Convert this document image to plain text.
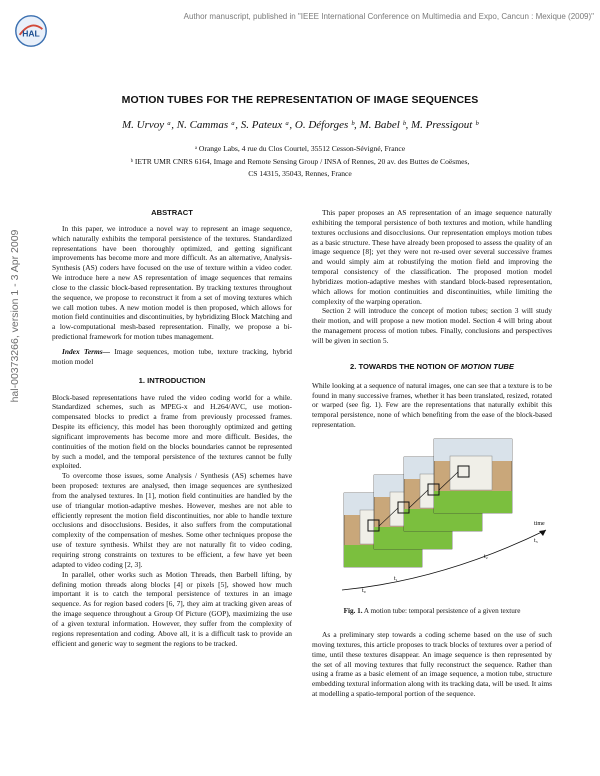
Author manuscript, published in "IEEE International Conference on Multimedia and Expo, Cancun : Mexique (2009)"
HAL
hal-00373266, version 1 - 3 Apr 2009
MOTION TUBES FOR THE REPRESENTATION OF IMAGE SEQUENCES
M. Urvoy ᵃ, N. Cammas ᵃ, S. Pateux ᵃ, O. Déforges ᵇ, M. Babel ᵇ, M. Pressigout ᵇ
ᵃ Orange Labs, 4 rue du Clos Courtel, 35512 Cesson-Sévigné, France
ᵇ IETR UMR CNRS 6164, Image and Remote Sensing Group / INSA of Rennes, 20 av. des Buttes de Coësmes,
CS 14315, 35043, Rennes, France
ABSTRACT

In this paper, we introduce a novel way to represent an image sequence, which naturally exhibits the temporal persistence of the textures. Standardized representations have been thoroughly optimized, and getting significant improvements has become more and more difficult. As an alternative, Analysis-Synthesis (AS) coders have focused on the use of texture within a video coder. We introduce here a new AS representation of image sequences that remains close to the classic block-based representation. By tracking textures throughout the sequence, we propose to reconstruct it from a set of moving textures which we call motion tubes. A new motion model is then proposed, which allows for motion field continuities and discontinuities, by hybridizing Block Matching and a low-computational mesh-based representation. Finally, we propose a bi-predictional framework for motion tubes management.

Index Terms— Image sequences, motion tube, texture tracking, hybrid motion model

1. INTRODUCTION

Block-based representations have ruled the video coding world for a while. Standardized schemes, such as MPEG-x and H.264/AVC, use motion-compensated blocks to predict a frame from previously processed frames. Despite its efficiency, this model has been thoroughly optimized and getting significant improvements has become more and more difficult. Besides, the continuities of the motion field on the blocks boundaries cannot be represented by such a model, and the temporal persistence of the textures cannot be fully exploited.

To overcome those issues, some Analysis / Synthesis (AS) schemes have been proposed: textures are analysed, then image sequences are synthesized from the analysed textures. In [1], motion field continuities are handled by the use of triangular motion-adaptive meshes. However, meshes are not able to efficiently represent the motion field discontinuities, nor able to handle texture occlusions and disocclusions. Besides, it also suffers from the computational complexity of the compensation of meshes. Some other techniques propose the use of texture synthesis. Whilst they are not naturally fit to video coding, requiring strong constraints on textures to be efficient, a few have yet been adapted to video coding [2, 3].

In parallel, other works such as Motion Threads, then Barbell lifting, by defining motion threads along blocks [4] or pixels [5], showed how much important it is to catch the temporal persistence of textures in an image sequence. As for region based coders [6, 7], they aim at tracking given areas of the image sequence throughout a Group Of Picture (GOP), maximizing the use of a given textural information. However, they suffer from the complexity of regions representation and coding. Above all, it is a difficult task to provide an efficient and generic way to segment the regions to be tracked.

This paper proposes an AS representation of an image sequence naturally exhibiting the temporal persistence of both textures and motion, while handling textures occlusions and disocclusions. Our representation employs motion tubes as a basic structure. These have already been proposed to assess the quality of an image sequence [8]; yet they were not re-used over several successive frames and would simply aim at robustifying the motion field and improving the temporal consistency of the classification. The proposed motion model hybridizes motion-adaptive meshes with standard block-based representation, which allows for motion continuities and discontinuities, while limiting the complexity of the warping operation.

Section 2 will introduce the concept of motion tubes; section 3 will study their motion, and will propose a new motion model. Section 4 will bring about the management process of motion tubes. Finally, conclusions and perspectives will be given in section 5.

2. TOWARDS THE NOTION OF MOTION TUBE

While looking at a sequence of natural images, one can see that a texture is to be found in many successive frames, whether it has been translated, resized, rotated or warped (see fig. 1). Few are the representations that naturally exhibit this temporal persistence, none of which benefiting from the ease of the block-based representation.

time
t₀
t₁
t₂
t₃
Fig. 1. A motion tube: temporal persistence of a given texture

As a preliminary step towards a coding scheme based on the use of such moving textures, this article proposes to track blocks of textures over a period of time, until these textures disappear. An image sequence is then represented by the set of all moving textures that fully reconstruct the sequence. Rather than using a frame as a basic element of an image sequence, a motion tube, structure embedding textural information along with its tracking data, will be used. It aims at modelling a spatio-temporal portion of the sequence.
